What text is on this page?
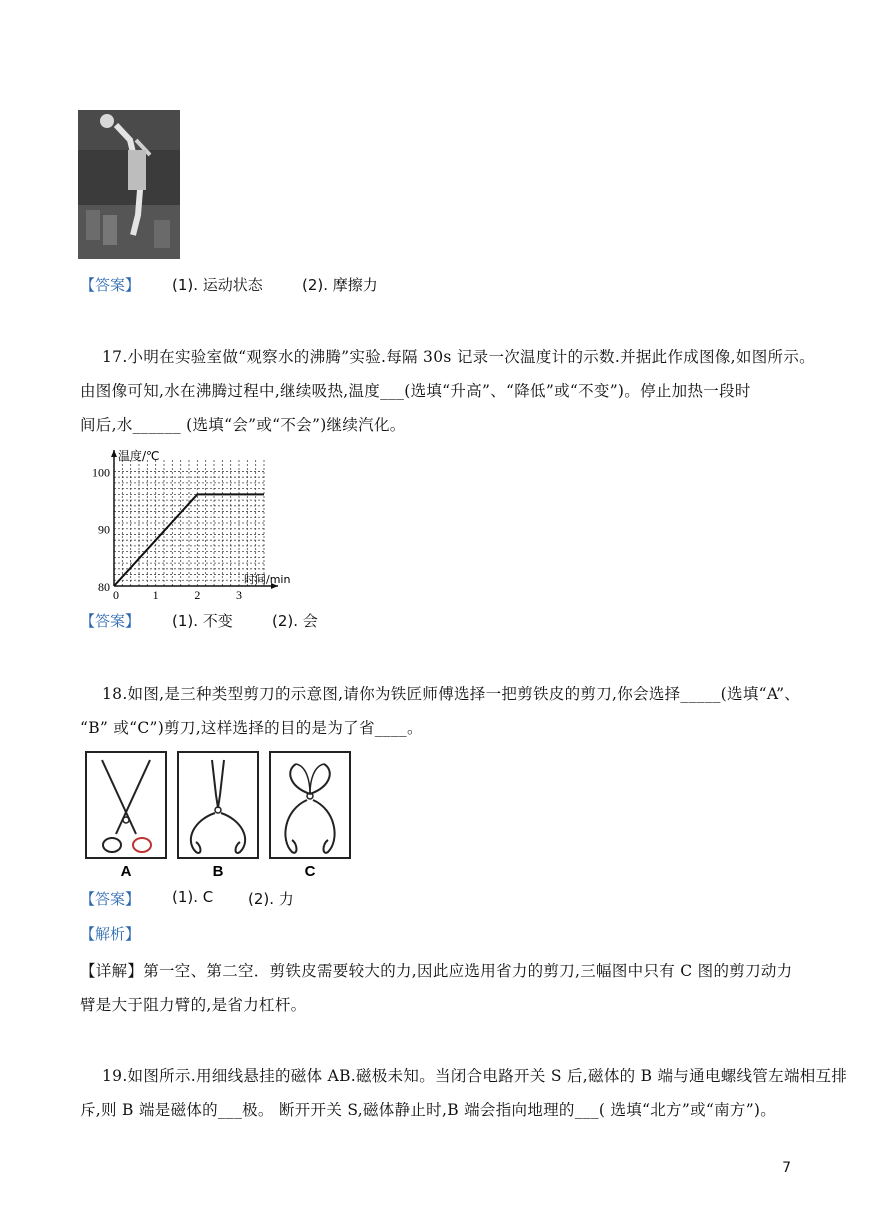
【答案】 (1). 运动状态	(2). 摩擦力
17.小明在实验室做“观察水的沸腾”实验.每隔 30s 记录一次温度计的示数.并据此作成图像,如图所示。
由图像可知,水在沸腾过程中,继续吸热,温度___(选填“升高”、“降低”或“不变”)。停止加热一段时
间后,水______ (选填“会”或“不会”)继续汽化。
80
90
100
0	1	2	3
温度/℃
时间/min
【答案】 (1). 不变	(2). 会
18.如图,是三种类型剪刀的示意图,请你为铁匠师傅选择一把剪铁皮的剪刀,你会选择_____(选填“A”、
“B” 或“C”)剪刀,这样选择的目的是为了省____。
A	B	C
【答案】 (1). C (2). 力
【解析】
【详解】第一空、第二空．剪铁皮需要较大的力,因此应选用省力的剪刀,三幅图中只有 C 图的剪刀动力
臂是大于阻力臂的,是省力杠杆。
19.如图所示.用细线悬挂的磁体 AB.磁极未知。当闭合电路开关 S 后,磁体的 B 端与通电螺线管左端相互排
斥,则 B 端是磁体的___极。 断开开关 S,磁体静止时,B 端会指向地理的___( 选填“北方”或“南方”)。
7
